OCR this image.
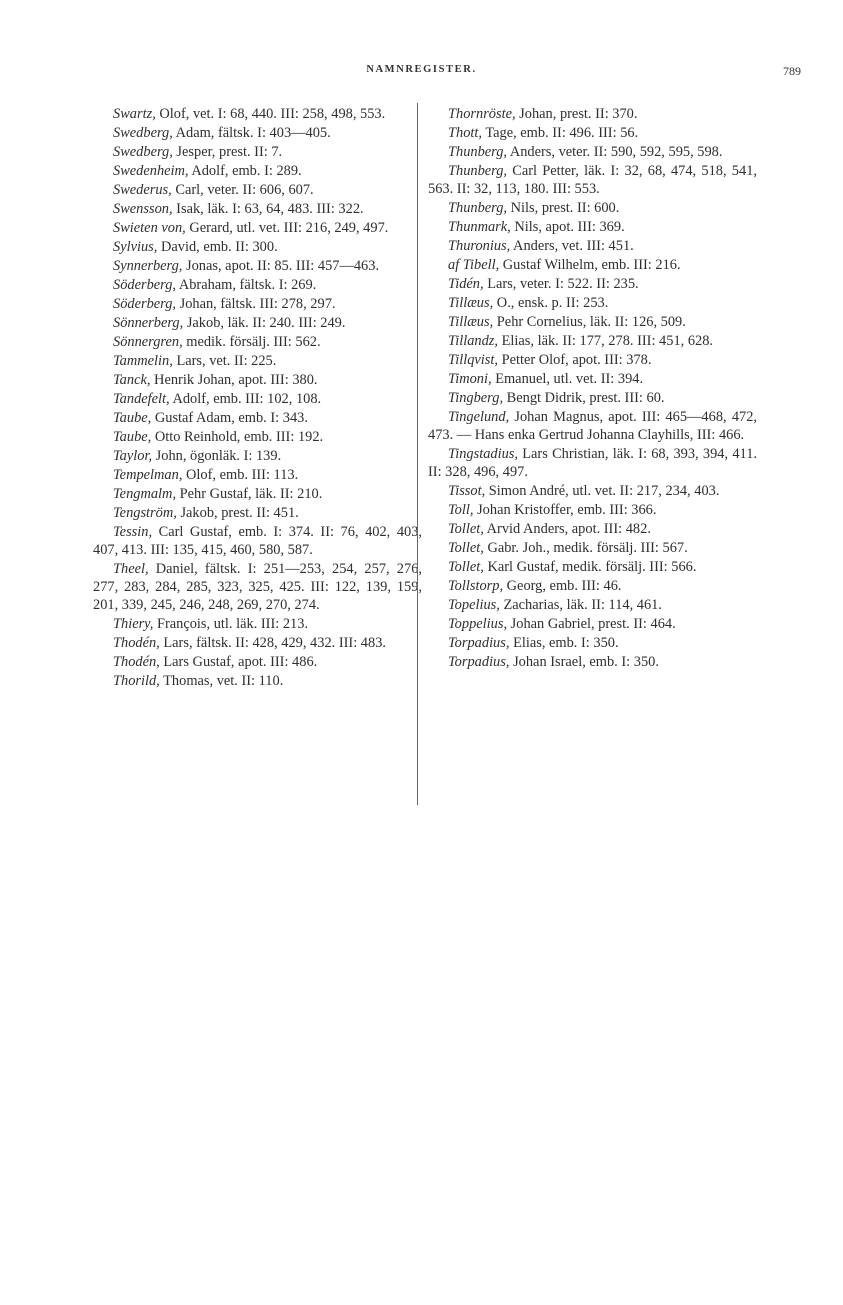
NAMNREGISTER.	789

Swartz, Olof, vet. I: 68, 440. III: 258, 498, 553.

Swedberg, Adam, fältsk. I: 403—405.

Swedberg, Jesper, prest. II: 7.

Swedenheim, Adolf, emb. I: 289.

Swederus, Carl, veter. II: 606, 607.

Swensson, Isak, läk. I: 63, 64, 483. III: 322.

Swieten von, Gerard, utl. vet. III: 216, 249, 497.

Sylvius, David, emb. II: 300.

Synnerberg, Jonas, apot. II: 85. III: 457—463.

Söderberg, Abraham, fältsk. I: 269.

Söderberg, Johan, fältsk. III: 278, 297.

Sönnerberg, Jakob, läk. II: 240. III: 249.

Sönnergren, medik. försälj. III: 562.

Tammelin, Lars, vet. II: 225.

Tanck, Henrik Johan, apot. III: 380.

Tandefelt, Adolf, emb. III: 102, 108.

Taube, Gustaf Adam, emb. I: 343.

Taube, Otto Reinhold, emb. III: 192.

Taylor, John, ögonläk. I: 139.

Tempelman, Olof, emb. III: 113.

Tengmalm, Pehr Gustaf, läk. II: 210.

Tengström, Jakob, prest. II: 451.

Tessin, Carl Gustaf, emb. I: 374. II: 76, 402, 403, 407, 413. III: 135, 415, 460, 580, 587.

Theel, Daniel, fältsk. I: 251—253, 254, 257, 276, 277, 283, 284, 285, 323, 325, 425. III: 122, 139, 159, 201, 339, 245, 246, 248, 269, 270, 274.

Thiery, François, utl. läk. III: 213.

Thodén, Lars, fältsk. II: 428, 429, 432. III: 483.

Thodén, Lars Gustaf, apot. III: 486.

Thorild, Thomas, vet. II: 110.

Thornröste, Johan, prest. II: 370.

Thott, Tage, emb. II: 496. III: 56.

Thunberg, Anders, veter. II: 590, 592, 595, 598.

Thunberg, Carl Petter, läk. I: 32, 68, 474, 518, 541, 563. II: 32, 113, 180. III: 553.

Thunberg, Nils, prest. II: 600.

Thunmark, Nils, apot. III: 369.

Thuronius, Anders, vet. III: 451.

af Tibell, Gustaf Wilhelm, emb. III: 216.

Tidén, Lars, veter. I: 522. II: 235.

Tillæus, O., ensk. p. II: 253.

Tillæus, Pehr Cornelius, läk. II: 126, 509.

Tillandz, Elias, läk. II: 177, 278. III: 451, 628.

Tillqvist, Petter Olof, apot. III: 378.

Timoni, Emanuel, utl. vet. II: 394.

Tingberg, Bengt Didrik, prest. III: 60.

Tingelund, Johan Magnus, apot. III: 465—468, 472, 473. — Hans enka Gertrud Johanna Clayhills, III: 466.

Tingstadius, Lars Christian, läk. I: 68, 393, 394, 411. II: 328, 496, 497.

Tissot, Simon André, utl. vet. II: 217, 234, 403.

Toll, Johan Kristoffer, emb. III: 366.

Tollet, Arvid Anders, apot. III: 482.

Tollet, Gabr. Joh., medik. försälj. III: 567.

Tollet, Karl Gustaf, medik. försälj. III: 566.

Tollstorp, Georg, emb. III: 46.

Topelius, Zacharias, läk. II: 114, 461.

Toppelius, Johan Gabriel, prest. II: 464.

Torpadius, Elias, emb. I: 350.

Torpadius, Johan Israel, emb. I: 350.
